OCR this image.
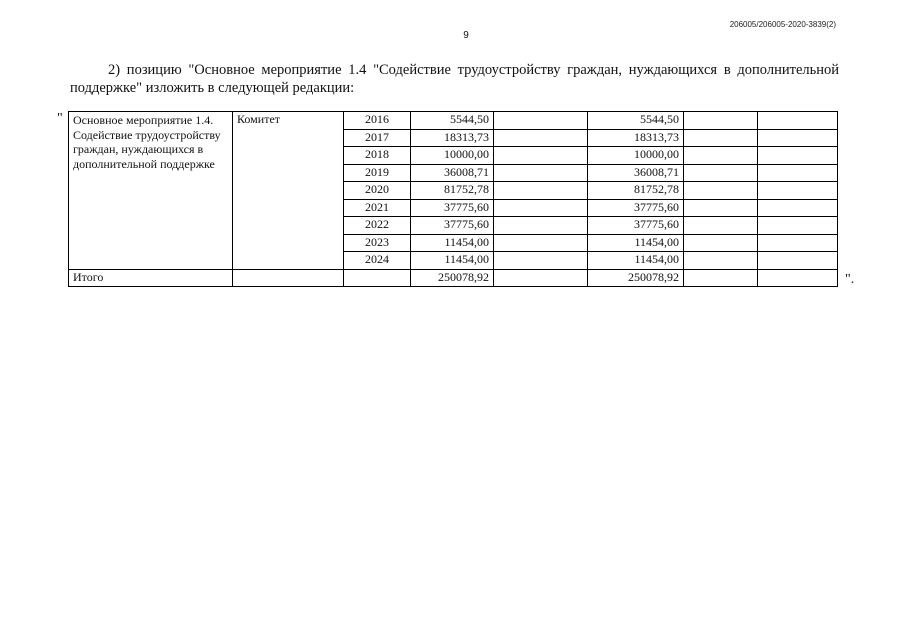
206005/206005-2020-3839(2)
9
2) позицию "Основное мероприятие 1.4 "Содействие трудоустройству граждан, нуждающихся в дополнительной поддержке" изложить в следующей редакции:
"
".
Основное мероприятие 1.4. Содействие трудоустройству граждан, нуждающихся в дополнительной поддержке	Комитет	2016	5544,50		5544,50		
		2017	18313,73		18313,73		
		2018	10000,00		10000,00		
		2019	36008,71		36008,71		
		2020	81752,78		81752,78		
		2021	37775,60		37775,60		
		2022	37775,60		37775,60		
		2023	11454,00		11454,00		
		2024	11454,00		11454,00		
Итого			250078,92		250078,92		
